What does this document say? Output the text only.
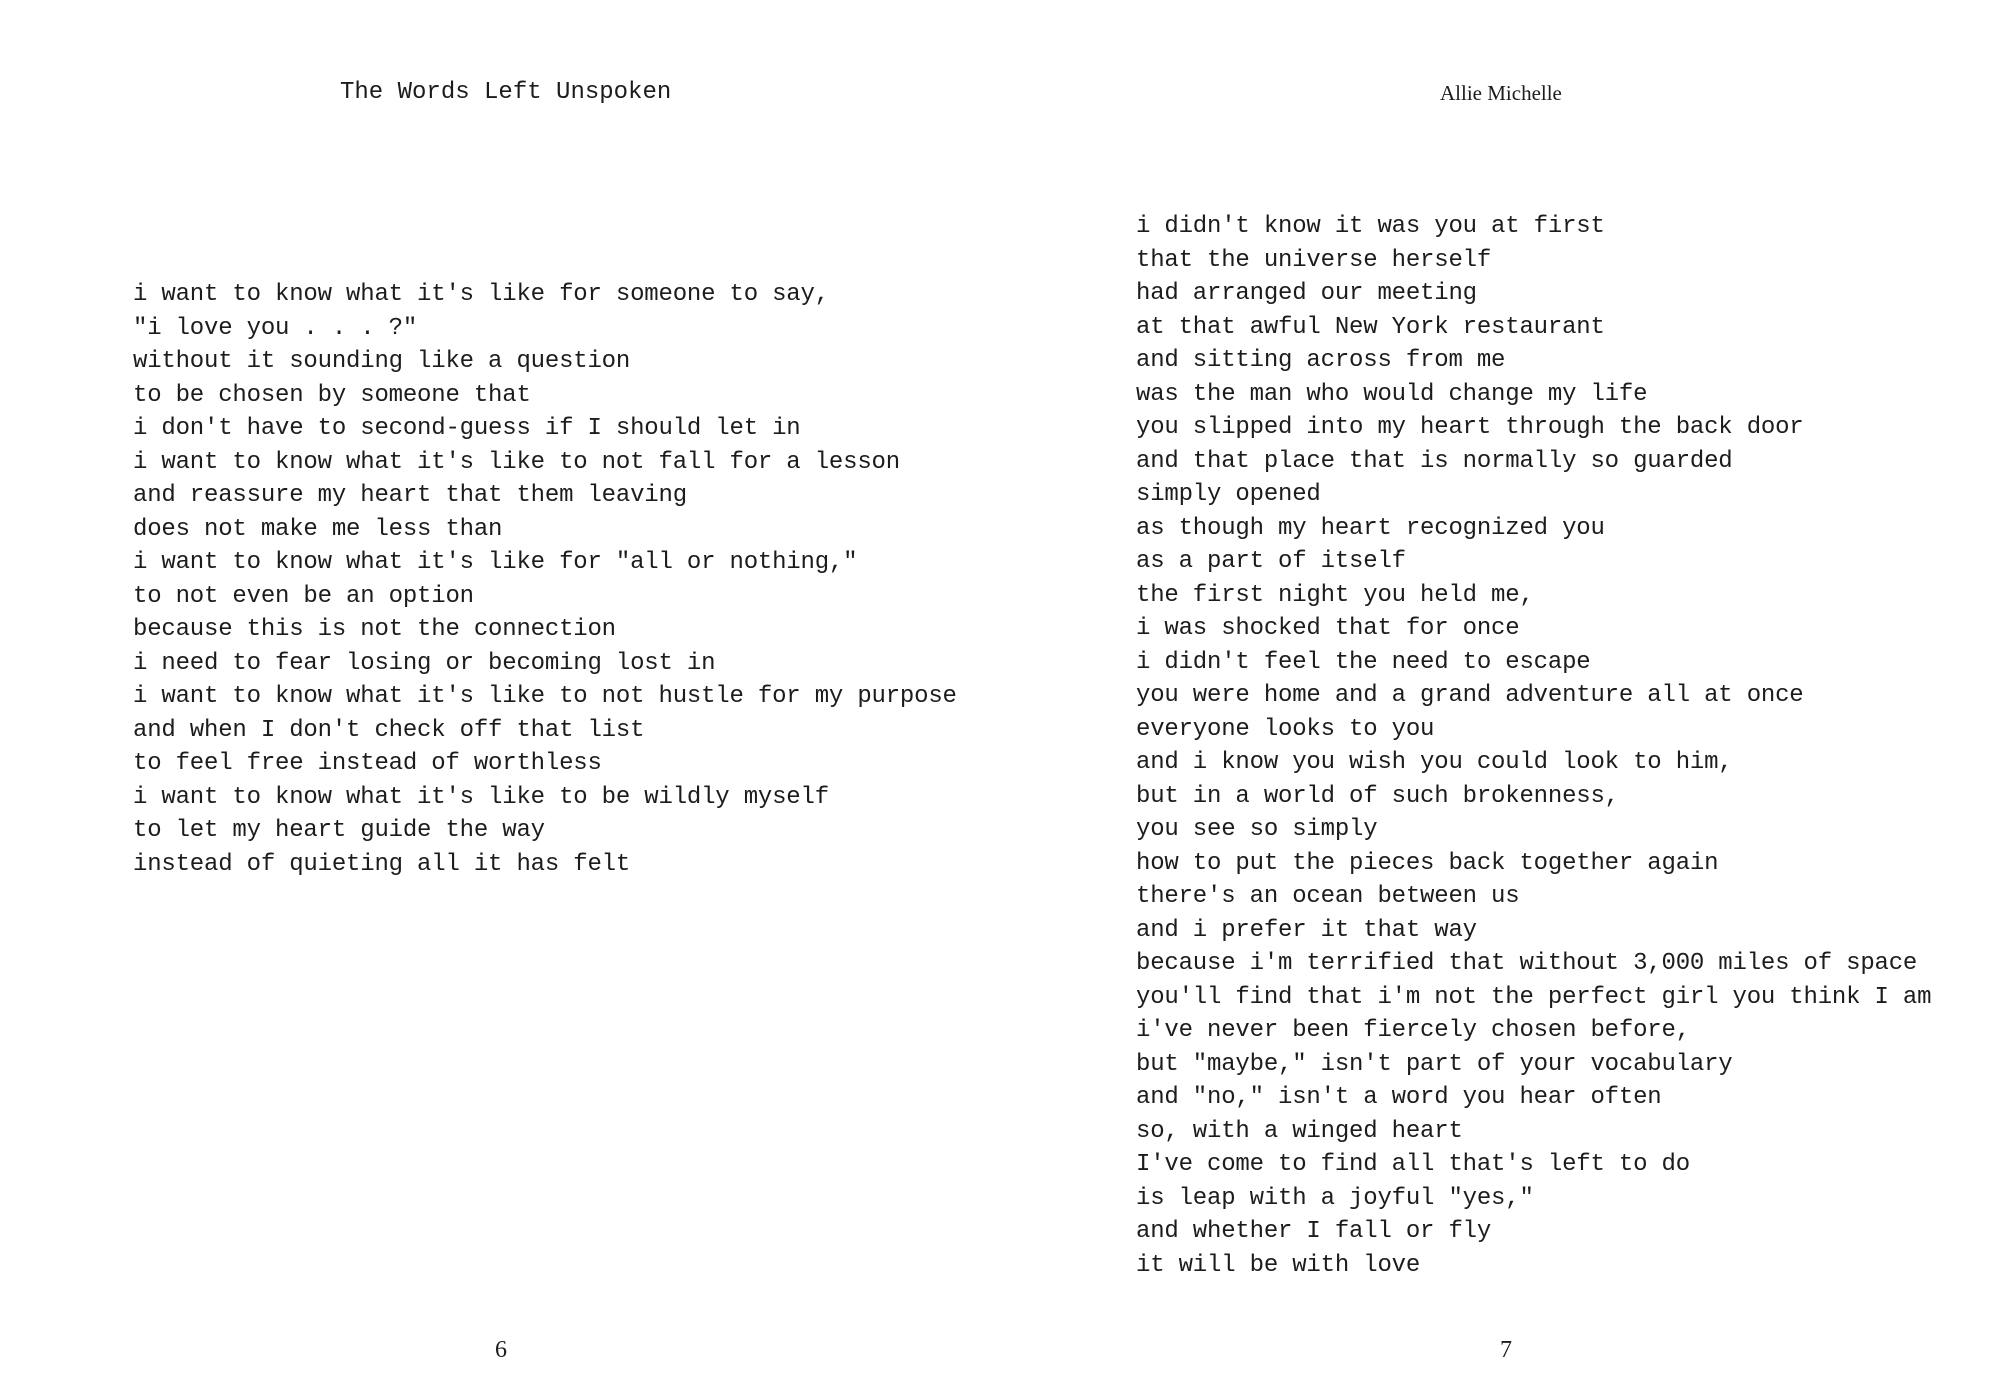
The Words Left Unspoken
i want to know what it's like for someone to say,
"i love you . . . ?"
without it sounding like a question
to be chosen by someone that
i don't have to second-guess if I should let in
i want to know what it's like to not fall for a lesson
and reassure my heart that them leaving
does not make me less than
i want to know what it's like for "all or nothing,"
to not even be an option
because this is not the connection
i need to fear losing or becoming lost in
i want to know what it's like to not hustle for my purpose
and when I don't check off that list
to feel free instead of worthless
i want to know what it's like to be wildly myself
to let my heart guide the way
instead of quieting all it has felt
6
Allie Michelle
i didn't know it was you at first
that the universe herself
had arranged our meeting
at that awful New York restaurant
and sitting across from me
was the man who would change my life
you slipped into my heart through the back door
and that place that is normally so guarded
simply opened
as though my heart recognized you
as a part of itself
the first night you held me,
i was shocked that for once
i didn't feel the need to escape
you were home and a grand adventure all at once
everyone looks to you
and i know you wish you could look to him,
but in a world of such brokenness,
you see so simply
how to put the pieces back together again
there's an ocean between us
and i prefer it that way
because i'm terrified that without 3,000 miles of space
you'll find that i'm not the perfect girl you think I am
i've never been fiercely chosen before,
but "maybe," isn't part of your vocabulary
and "no," isn't a word you hear often
so, with a winged heart
I've come to find all that's left to do
is leap with a joyful "yes,"
and whether I fall or fly
it will be with love
7
